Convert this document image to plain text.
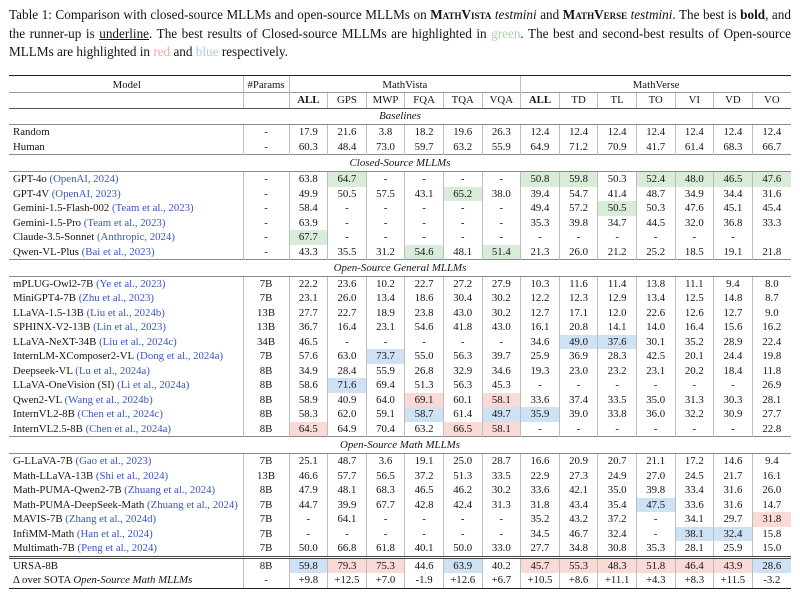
Table 1: Comparison with closed-source MLLMs and open-source MLLMs on MathVista testmini and MathVerse testmini. The best is bold, and the runner-up is underline. The best results of Closed-source MLLMs are highlighted in green. The best and second-best results of Open-source MLLMs are highlighted in red and blue respectively.
Model	#Params	MathVista						MathVerse						
		ALL	GPS	MWP	FQA	TQA	VQA	ALL	TD	TL	TO	VI	VD	VO
Baselines														
Random	-	17.9	21.6	3.8	18.2	19.6	26.3	12.4	12.4	12.4	12.4	12.4	12.4	12.4
Human	-	60.3	48.4	73.0	59.7	63.2	55.9	64.9	71.2	70.9	41.7	61.4	68.3	66.7
Closed-Source MLLMs														
GPT-4o (OpenAI, 2024)	-	63.8	64.7	-	-	-	-	50.8	59.8	50.3	52.4	48.0	46.5	47.6
GPT-4V (OpenAI, 2023)	-	49.9	50.5	57.5	43.1	65.2	38.0	39.4	54.7	41.4	48.7	34.9	34.4	31.6
Gemini-1.5-Flash-002 (Team et al., 2023)	-	58.4	-	-	-	-	-	49.4	57.2	50.5	50.3	47.6	45.1	45.4
Gemini-1.5-Pro (Team et al., 2023)	-	63.9	-	-	-	-	-	35.3	39.8	34.7	44.5	32.0	36.8	33.3
Claude-3.5-Sonnet (Anthropic, 2024)	-	67.7	-	-	-	-	-	-	-	-	-	-	-	
Qwen-VL-Plus (Bai et al., 2023)	-	43.3	35.5	31.2	54.6	48.1	51.4	21.3	26.0	21.2	25.2	18.5	19.1	21.8
Open-Source General MLLMs														
mPLUG-Owl2-7B (Ye et al., 2023)	7B	22.2	23.6	10.2	22.7	27.2	27.9	10.3	11.6	11.4	13.8	11.1	9.4	8.0
MiniGPT4-7B (Zhu et al., 2023)	7B	23.1	26.0	13.4	18.6	30.4	30.2	12.2	12.3	12.9	13.4	12.5	14.8	8.7
LLaVA-1.5-13B (Liu et al., 2024b)	13B	27.7	22.7	18.9	23.8	43.0	30.2	12.7	17.1	12.0	22.6	12.6	12.7	9.0
SPHINX-V2-13B (Lin et al., 2023)	13B	36.7	16.4	23.1	54.6	41.8	43.0	16.1	20.8	14.1	14.0	16.4	15.6	16.2
LLaVA-NeXT-34B (Liu et al., 2024c)	34B	46.5	-	-	-	-	-	34.6	49.0	37.6	30.1	35.2	28.9	22.4
InternLM-XComposer2-VL (Dong et al., 2024a)	7B	57.6	63.0	73.7	55.0	56.3	39.7	25.9	36.9	28.3	42.5	20.1	24.4	19.8
Deepseek-VL (Lu et al., 2024a)	8B	34.9	28.4	55.9	26.8	32.9	34.6	19.3	23.0	23.2	23.1	20.2	18.4	11.8
LLaVA-OneVision (SI) (Li et al., 2024a)	8B	58.6	71.6	69.4	51.3	56.3	45.3	-	-	-	-	-	-	26.9
Qwen2-VL (Wang et al., 2024b)	8B	58.9	40.9	64.0	69.1	60.1	58.1	33.6	37.4	33.5	35.0	31.3	30.3	28.1
InternVL2-8B (Chen et al., 2024c)	8B	58.3	62.0	59.1	58.7	61.4	49.7	35.9	39.0	33.8	36.0	32.2	30.9	27.7
InternVL2.5-8B (Chen et al., 2024a)	8B	64.5	64.9	70.4	63.2	66.5	58.1	-	-	-	-	-	-	22.8
Open-Source Math MLLMs														
G-LLaVA-7B (Gao et al., 2023)	7B	25.1	48.7	3.6	19.1	25.0	28.7	16.6	20.9	20.7	21.1	17.2	14.6	9.4
Math-LLaVA-13B (Shi et al., 2024)	13B	46.6	57.7	56.5	37.2	51.3	33.5	22.9	27.3	24.9	27.0	24.5	21.7	16.1
Math-PUMA-Qwen2-7B (Zhuang et al., 2024)	8B	47.9	48.1	68.3	46.5	46.2	30.2	33.6	42.1	35.0	39.8	33.4	31.6	26.0
Math-PUMA-DeepSeek-Math (Zhuang et al., 2024)	7B	44.7	39.9	67.7	42.8	42.4	31.3	31.8	43.4	35.4	47.5	33.6	31.6	14.7
MAVIS-7B (Zhang et al., 2024d)	7B	-	64.1	-	-	-	-	35.2	43.2	37.2	-	34.1	29.7	31.8
InfiMM-Math (Han et al., 2024)	7B	-	-	-	-	-	-	34.5	46.7	32.4	-	38.1	32.4	15.8
Multimath-7B (Peng et al., 2024)	7B	50.0	66.8	61.8	40.1	50.0	33.0	27.7	34.8	30.8	35.3	28.1	25.9	15.0
URSA-8B	8B	59.8	79.3	75.3	44.6	63.9	40.2	45.7	55.3	48.3	51.8	46.4	43.9	28.6
Δ over SOTA Open-Source Math MLLMs	-	+9.8	+12.5	+7.0	-1.9	+12.6	+6.7	+10.5	+8.6	+11.1	+4.3	+8.3	+11.5	-3.2
